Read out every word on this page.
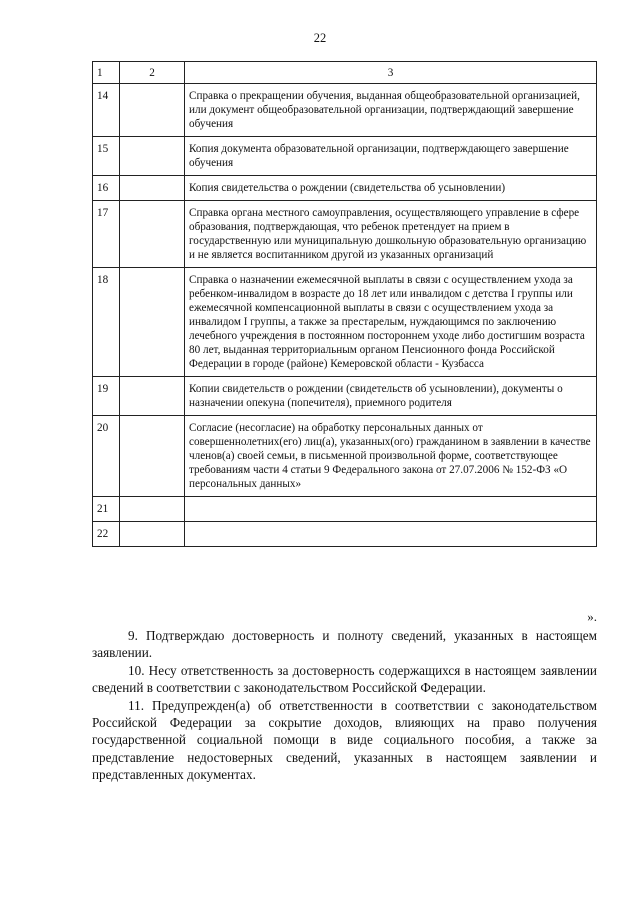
22
1	2	3
14		Справка о прекращении обучения, выданная общеобразовательной организацией, или документ общеобразовательной организации, подтверждающий завершение обучения
15		Копия документа образовательной организации, подтверждающего завершение обучения
16		Копия свидетельства о рождении (свидетельства об усыновлении)
17		Справка органа местного самоуправления, осуществляющего управление в сфере образования, подтверждающая, что ребенок претендует на прием в государственную или муниципальную дошкольную образовательную организацию и не является воспитанником другой из указанных организаций
18		Справка о назначении ежемесячной выплаты в связи с осуществлением ухода за ребенком-инвалидом в возрасте до 18 лет или инвалидом с детства I группы или ежемесячной компенсационной выплаты в связи с осуществлением ухода за инвалидом I группы, а также за престарелым, нуждающимся по заключению лечебного учреждения в постоянном постороннем уходе либо достигшим возраста 80 лет, выданная территориальным органом Пенсионного фонда Российской Федерации в городе (районе) Кемеровской области - Кузбасса
19		Копии свидетельств о рождении (свидетельств об усыновлении), документы о назначении опекуна (попечителя), приемного родителя
20		Согласие (несогласие) на обработку персональных данных от совершеннолетних(его) лиц(а), указанных(ого) гражданином в заявлении в качестве членов(а) своей семьи, в письменной произвольной форме, соответствующее требованиям части 4 статьи 9 Федерального закона от 27.07.2006 № 152-ФЗ «О персональных данных»
21		
22		
».

9. Подтверждаю достоверность и полноту сведений, указанных в настоящем заявлении.

10. Несу ответственность за достоверность содержащихся в настоящем заявлении сведений в соответствии с законодательством Российской Федерации.

11. Предупрежден(а) об ответственности в соответствии с законодательством Российской Федерации за сокрытие доходов, влияющих на право получения государственной социальной помощи в виде социального пособия, а также за представление недостоверных сведений, указанных в настоящем заявлении и представленных документах.
